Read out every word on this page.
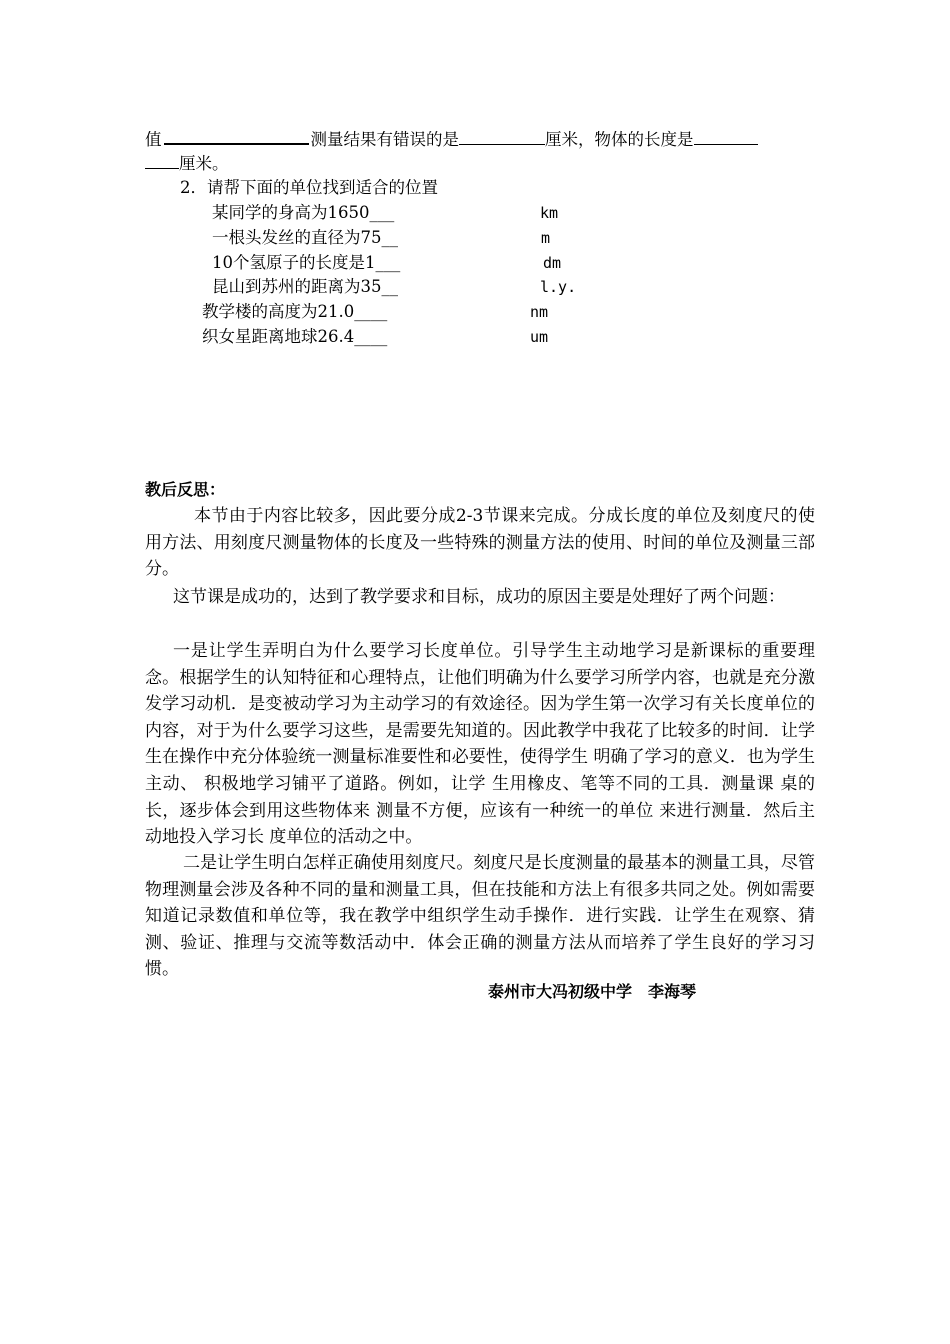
值	测量结果有错误的是	厘米，物体的长度是
厘米。
2．请帮下面的单位找到适合的位置
某同学的身高为1650___	km
一根头发丝的直径为75__	m
10个氢原子的长度是1___	dm
昆山到苏州的距离为35__	l.y.
教学楼的高度为21.0____	nm
织女星距离地球26.4____	um
教后反思：
本节由于内容比较多，因此要分成2-3节课来完成。分成长度的单位及刻度尺的使用方法、用刻度尺测量物体的长度及一些特殊的测量方法的使用、时间的单位及测量三部分。
这节课是成功的，达到了教学要求和目标，成功的原因主要是处理好了两个问题：
一是让学生弄明白为什么要学习长度单位。引导学生主动地学习是新课标的重要理念。根据学生的认知特征和心理特点，让他们明确为什么要学习所学内容，也就是充分激发学习动机．是变被动学习为主动学习的有效途径。因为学生第一次学习有关长度单位的内容，对于为什么要学习这些，是需要先知道的。因此教学中我花了比较多的时间．让学生在操作中充分体验统一测量标准要性和必要性，使得学生 明确了学习的意义．也为学生主动、 积极地学习铺平了道路。例如，让学 生用橡皮、笔等不同的工具．测量课 桌的长，逐步体会到用这些物体来 测量不方便，应该有一种统一的单位 来进行测量．然后主动地投入学习长 度单位的活动之中。
二是让学生明白怎样正确使用刻度尺。刻度尺是长度测量的最基本的测量工具，尽管物理测量会涉及各种不同的量和测量工具，但在技能和方法上有很多共同之处。例如需要知道记录数值和单位等，我在教学中组织学生动手操作．进行实践．让学生在观察、猜测、验证、推理与交流等数活动中．体会正确的测量方法从而培养了学生良好的学习习惯。
泰州市大冯初级中学　李海琴
